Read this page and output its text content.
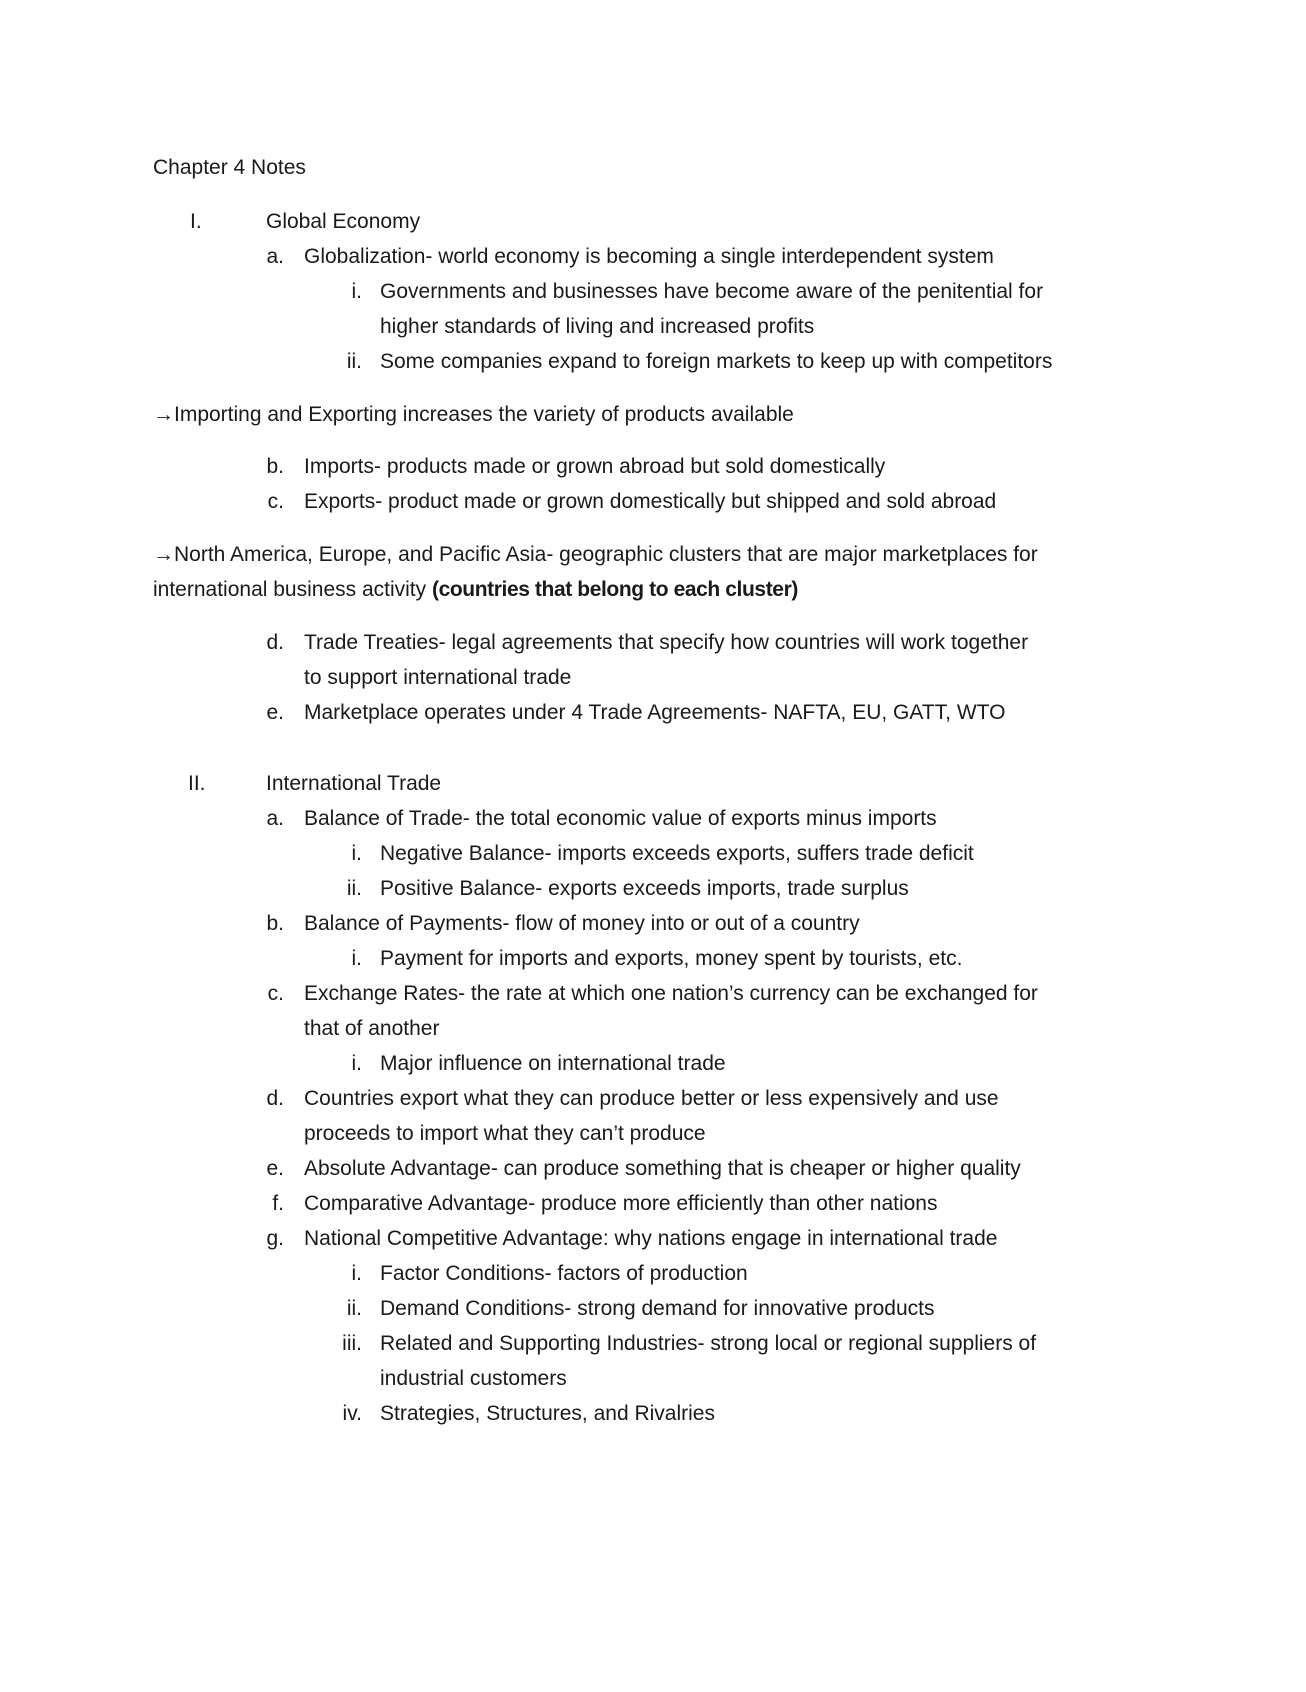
Chapter 4 Notes
I.	Global Economy
a. Globalization- world economy is becoming a single interdependent system
i. Governments and businesses have become aware of the penitential for
higher standards of living and increased profits
ii. Some companies expand to foreign markets to keep up with competitors
→Importing and Exporting increases the variety of products available
b. Imports- products made or grown abroad but sold domestically
c. Exports- product made or grown domestically but shipped and sold abroad
→North America, Europe, and Pacific Asia- geographic clusters that are major marketplaces for
international business activity (countries that belong to each cluster)
d. Trade Treaties- legal agreements that specify how countries will work together
to support international trade
e. Marketplace operates under 4 Trade Agreements- NAFTA, EU, GATT, WTO
II.	International Trade
a. Balance of Trade- the total economic value of exports minus imports
i. Negative Balance- imports exceeds exports, suffers trade deficit
ii. Positive Balance- exports exceeds imports, trade surplus
b. Balance of Payments- flow of money into or out of a country
i. Payment for imports and exports, money spent by tourists, etc.
c. Exchange Rates- the rate at which one nation’s currency can be exchanged for
that of another
i. Major influence on international trade
d. Countries export what they can produce better or less expensively and use
proceeds to import what they can’t produce
e. Absolute Advantage- can produce something that is cheaper or higher quality
f. Comparative Advantage- produce more efficiently than other nations
g. National Competitive Advantage: why nations engage in international trade
i. Factor Conditions- factors of production
ii. Demand Conditions- strong demand for innovative products
iii. Related and Supporting Industries- strong local or regional suppliers of
industrial customers
iv. Strategies, Structures, and Rivalries
